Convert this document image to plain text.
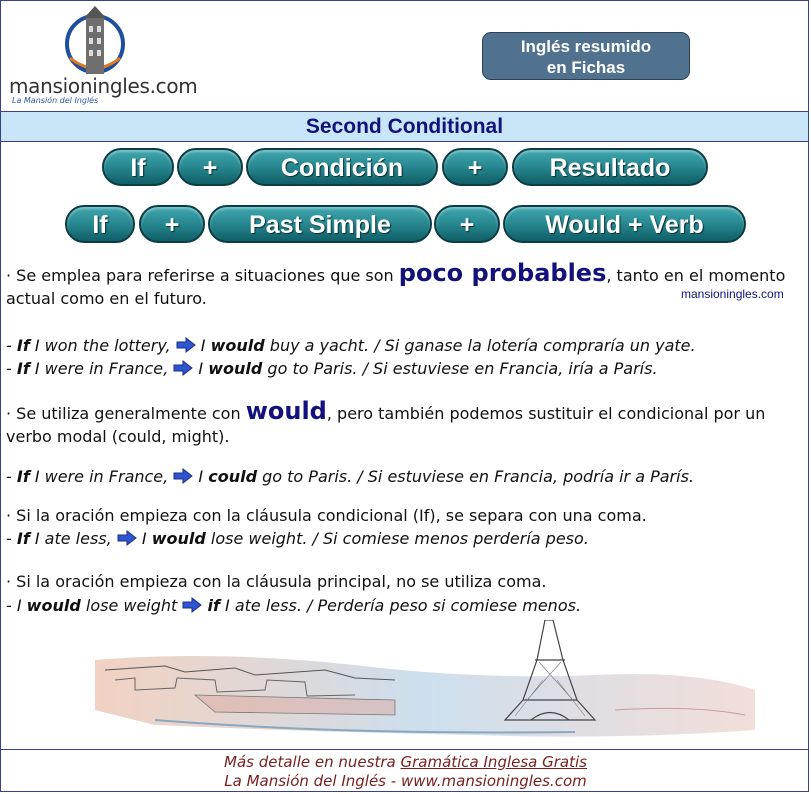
mansioningles.com
La Mansión del Inglés
Inglés resumido
en Fichas
Second Conditional
If	+	Condición	+	Resultado
If	+	Past Simple	+	Would + Verb
· Se emplea para referirse a situaciones que son poco probables, tanto en el momento actual como en el futuro.	mansioningles.com
- If I won the lottery,  I would buy a yacht. / Si ganase la lotería compraría un yate.
- If I were in France,  I would go to Paris. / Si estuviese en Francia, iría a París.
· Se utiliza generalmente con would, pero también podemos sustituir el condicional por un verbo modal (could, might).
- If I were in France,  I could go to Paris. / Si estuviese en Francia, podría ir a París.
· Si la oración empieza con la cláusula condicional (If), se separa con una coma.
- If I ate less,  I would lose weight. / Si comiese menos perdería peso.
· Si la oración empieza con la cláusula principal, no se utiliza coma.
- I would lose weight  if I ate less. / Perdería peso si comiese menos.
Más detalle en nuestra Gramática Inglesa Gratis
La Mansión del Inglés - www.mansioningles.com
